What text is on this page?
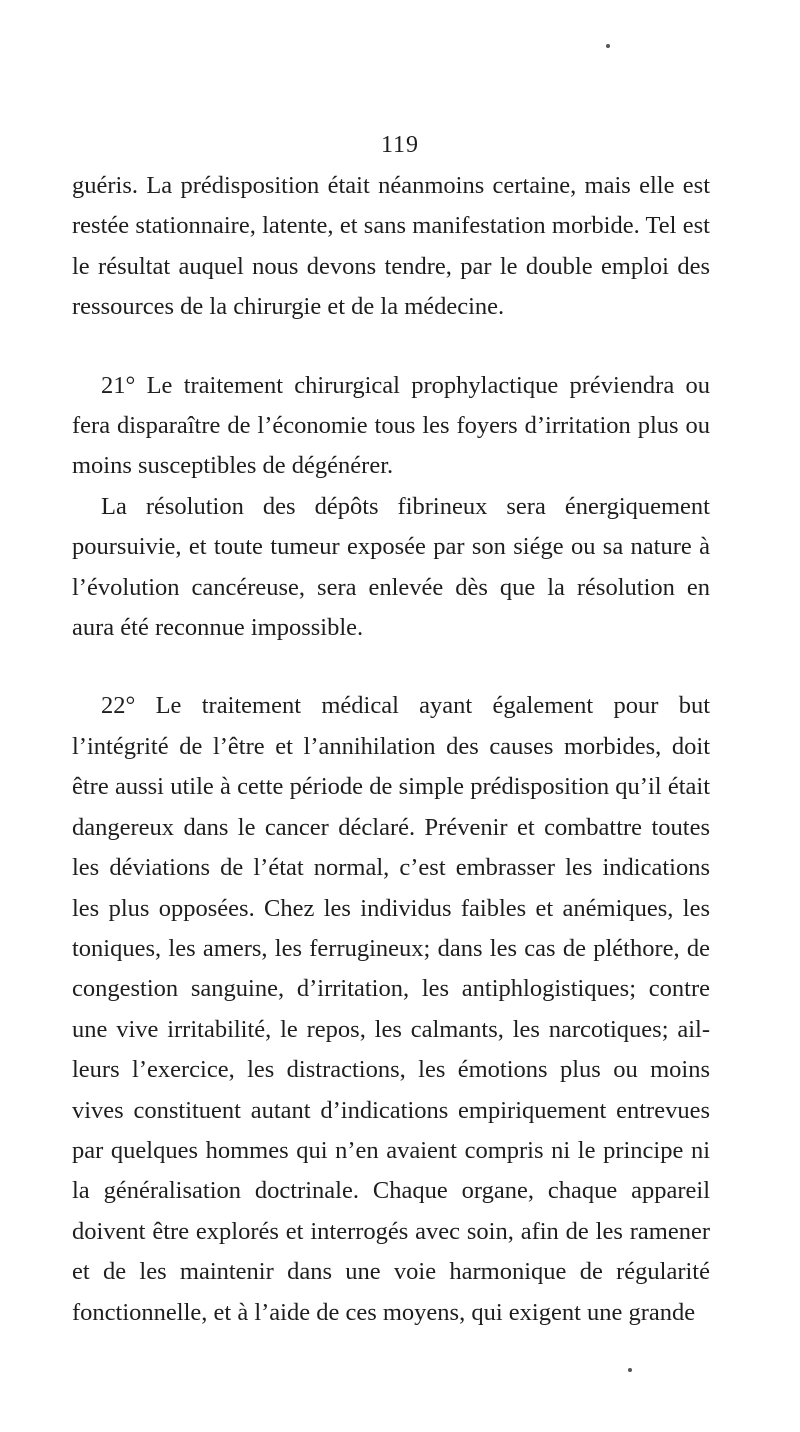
119

guéris. La prédisposition était néanmoins certaine, mais elle est restée stationnaire, latente, et sans manifestation morbide. Tel est le résultat auquel nous devons tendre, par le double emploi des ressources de la chirurgie et de la médecine.

21° Le traitement chirurgical prophylactique préviendra ou fera disparaître de l’économie tous les foyers d’irritation plus ou moins susceptibles de dégénérer.

La résolution des dépôts fibrineux sera énergiquement poursuivie, et toute tumeur exposée par son siége ou sa nature à l’évolution cancéreuse, sera enlevée dès que la résolution en aura été reconnue impossible.

22° Le traitement médical ayant également pour but l’intégrité de l’être et l’annihilation des causes morbides, doit être aussi utile à cette période de simple prédisposition qu’il était dangereux dans le cancer déclaré. Prévenir et combattre toutes les déviations de l’état normal, c’est embrasser les indications les plus opposées. Chez les individus faibles et anémiques, les toniques, les amers, les ferrugineux; dans les cas de pléthore, de congestion sanguine, d’irritation, les antiphlogistiques; contre une vive irritabilité, le repos, les calmants, les narcotiques; ailleurs l’exercice, les distractions, les émotions plus ou moins vives constituent autant d’indications empiriquement entrevues par quelques hommes qui n’en avaient compris ni le principe ni la généralisation doctrinale. Chaque organe, chaque appareil doivent être explorés et interrogés avec soin, afin de les ramener et de les maintenir dans une voie harmonique de régularité fonctionnelle, et à l’aide de ces moyens, qui exigent une grande
